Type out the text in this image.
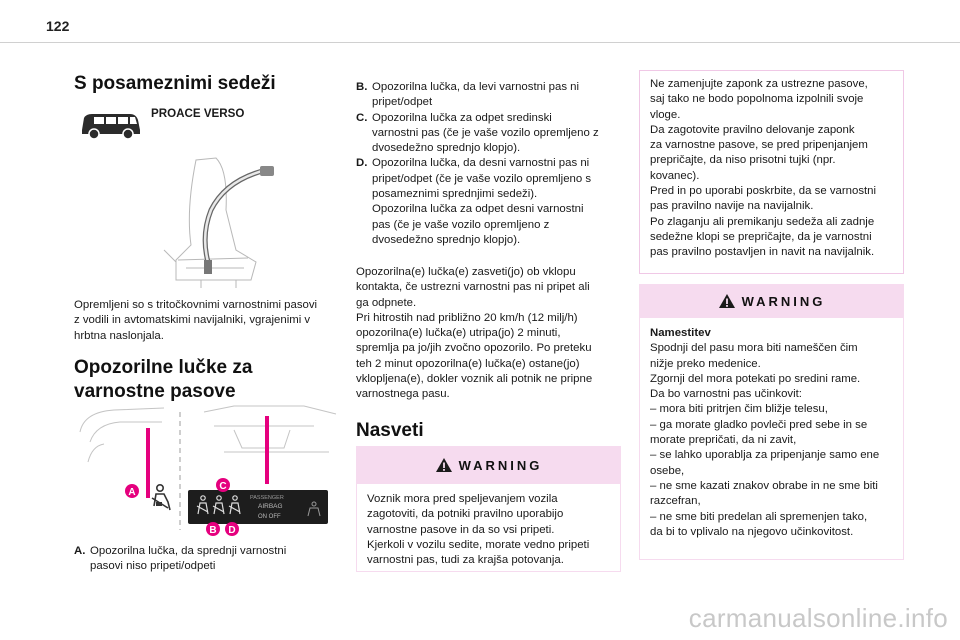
122
S posameznimi sedeži
PROACE VERSO
Opremljeni so s tritočkovnimi varnostnimi pasovi
z vodili in avtomatskimi navijalniki, vgrajenimi v
hrbtna naslonjala.
Opozorilne lučke za
varnostne pasove
PASSENGER
AIRBAG
ON OFF
A
C
B D
A. Opozorilna lučka, da sprednji varnostni
pasovi niso pripeti/odpeti
B. Opozorilna lučka, da levi varnostni pas ni
pripet/odpet
C. Opozorilna lučka za odpet sredinski
varnostni pas (če je vaše vozilo opremljeno z
dvosedežno sprednjo klopjo).
D. Opozorilna lučka, da desni varnostni pas ni
pripet/odpet (če je vaše vozilo opremljeno s
posameznimi sprednjimi sedeži).
Opozorilna lučka za odpet desni varnostni
pas (če je vaše vozilo opremljeno z
dvosedežno sprednjo klopjo).
Opozorilna(e) lučka(e) zasveti(jo) ob vklopu
kontakta, če ustrezni varnostni pas ni pripet ali
ga odpnete.
Pri hitrostih nad približno 20 km/h (12 milj/h)
opozorilna(e) lučka(e) utripa(jo) 2 minuti,
spremlja pa jo/jih zvočno opozorilo. Po preteku
teh 2 minut opozorilna(e) lučka(e) ostane(jo)
vklopljena(e), dokler voznik ali potnik ne pripne
varnostnega pasu.
Nasveti
WARNING
Voznik mora pred speljevanjem vozila
zagotoviti, da potniki pravilno uporabijo
varnostne pasove in da so vsi pripeti.
Kjerkoli v vozilu sedite, morate vedno pripeti
varnostni pas, tudi za krajša potovanja.
Ne zamenjujte zaponk za ustrezne pasove,
saj tako ne bodo popolnoma izpolnili svoje
vloge.
Da zagotovite pravilno delovanje zaponk
za varnostne pasove, se pred pripenjanjem
prepričajte, da niso prisotni tujki (npr.
kovanec).
Pred in po uporabi poskrbite, da se varnostni
pas pravilno navije na navijalnik.
Po zlaganju ali premikanju sedeža ali zadnje
sedežne klopi se prepričajte, da je varnostni
pas pravilno postavljen in navit na navijalnik.
WARNING
Namestitev
Spodnji del pasu mora biti nameščen čim
nižje preko medenice.
Zgornji del mora potekati po sredini rame.
Da bo varnostni pas učinkovit:
– mora biti pritrjen čim bližje telesu,
– ga morate gladko povleči pred sebe in se
morate prepričati, da ni zavit,
– se lahko uporablja za pripenjanje samo ene
osebe,
– ne sme kazati znakov obrabe in ne sme biti
razcefran,
– ne sme biti predelan ali spremenjen tako,
da bi to vplivalo na njegovo učinkovitost.
carmanualsonline.info
